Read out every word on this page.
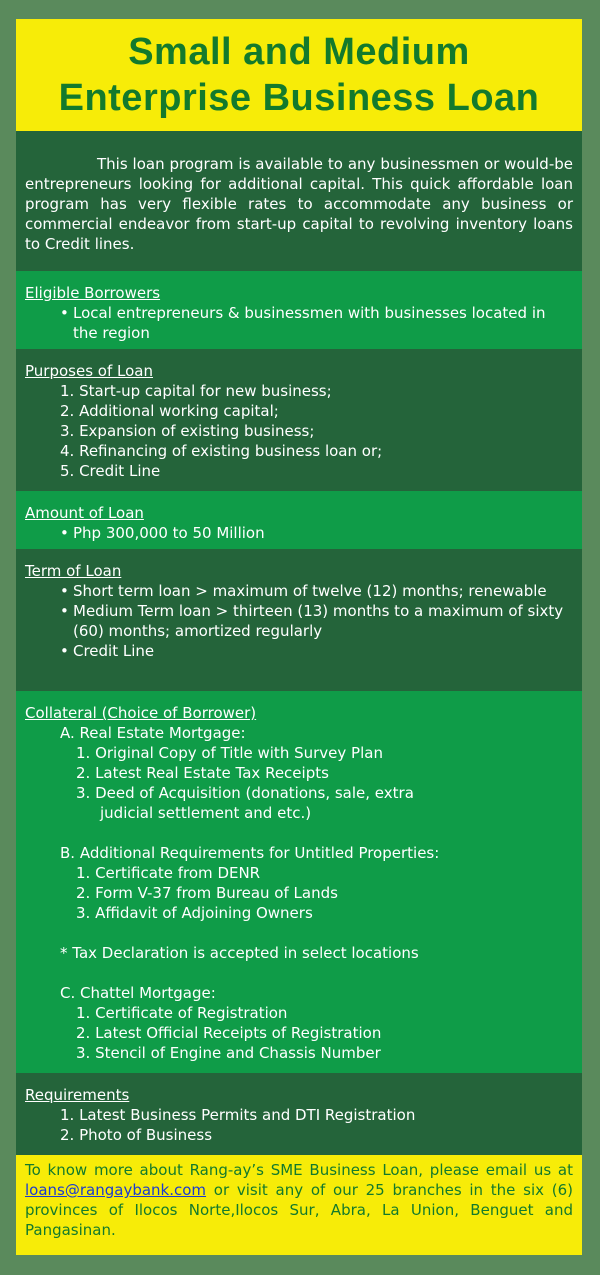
Small and Medium
Enterprise Business Loan

This loan program is available to any businessmen or would-be entrepreneurs looking for additional capital. This quick affordable loan program has very flexible rates to accommodate any business or commercial endeavor from start-up capital to revolving inventory loans to Credit lines.

Eligible Borrowers
• Local entrepreneurs & businessmen with businesses located in the region
Purposes of Loan
1. Start-up capital for new business;
2. Additional working capital;
3. Expansion of existing business;
4. Refinancing of existing business loan or;
5. Credit Line
Amount of Loan
• Php 300,000 to 50 Million
Term of Loan
• Short term loan > maximum of twelve (12) months; renewable
• Medium Term loan > thirteen (13) months to a maximum of sixty (60) months; amortized regularly
• Credit Line
Collateral (Choice of Borrower)
A. Real Estate Mortgage:
1. Original Copy of Title with Survey Plan
2. Latest Real Estate Tax Receipts
3. Deed of Acquisition (donations, sale, extra
judicial settlement and etc.)
B. Additional Requirements for Untitled Properties:
1. Certificate from DENR
2. Form V-37 from Bureau of Lands
3. Affidavit of Adjoining Owners
* Tax Declaration is accepted in select locations
C. Chattel Mortgage:
1. Certificate of Registration
2. Latest Official Receipts of Registration
3. Stencil of Engine and Chassis Number
Requirements
1. Latest Business Permits and DTI Registration
2. Photo of Business

To know more about Rang-ay’s SME Business Loan, please email us at loans@rangaybank.com or visit any of our 25 branches in the six (6) provinces of Ilocos Norte,Ilocos Sur, Abra, La Union, Benguet and Pangasinan.
